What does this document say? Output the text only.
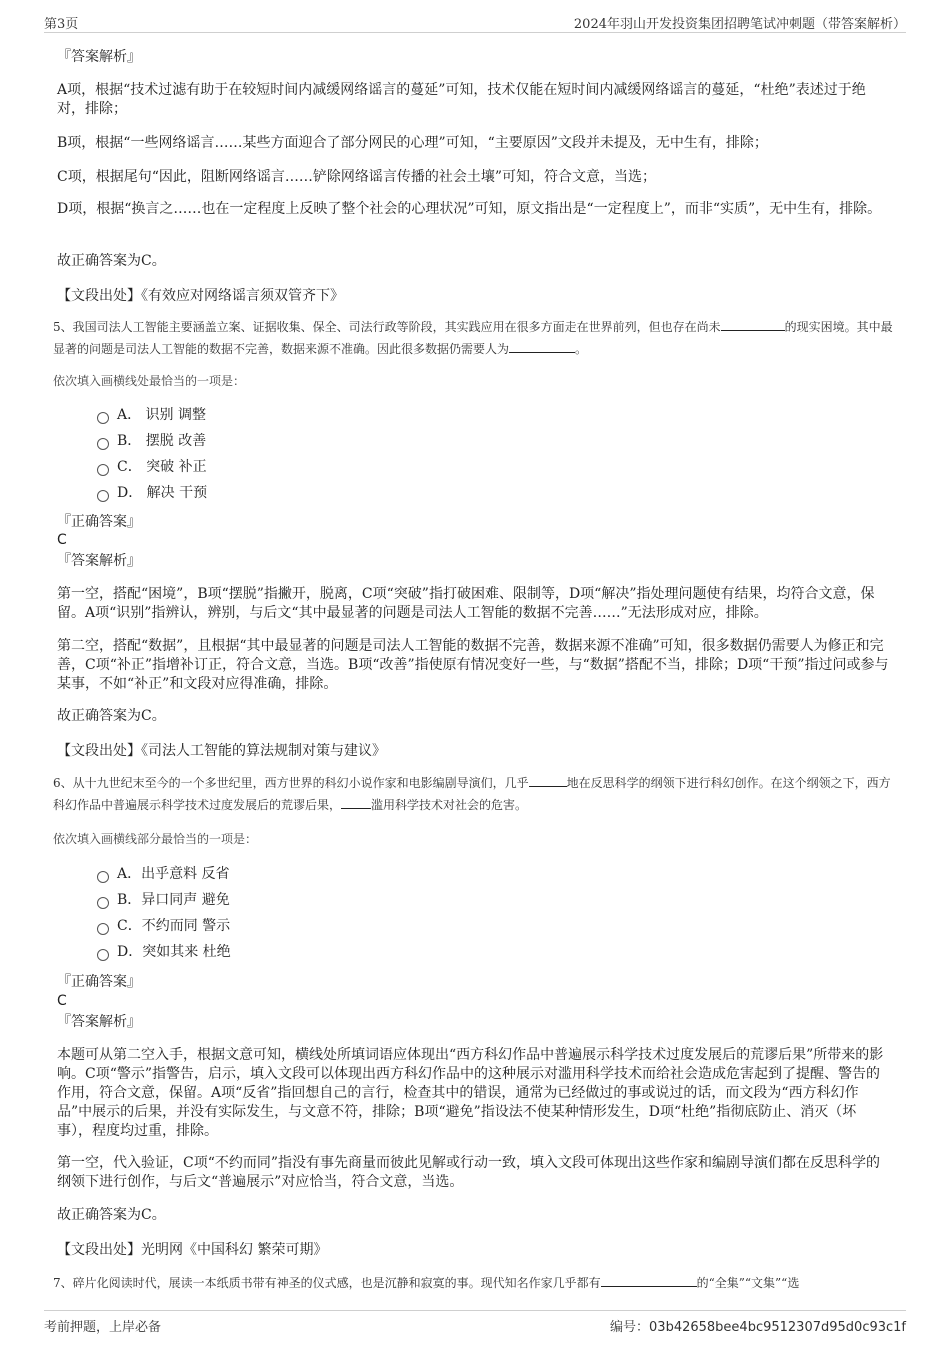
第3页	2024年羽山开发投资集团招聘笔试冲刺题（带答案解析）

『答案解析』

A项，根据“技术过滤有助于在较短时间内减缓网络谣言的蔓延”可知，技术仅能在短时间内减缓网络谣言的蔓延，“杜绝”表述过于绝对，排除；

B项，根据“一些网络谣言……某些方面迎合了部分网民的心理”可知，“主要原因”文段并未提及，无中生有，排除；

C项，根据尾句“因此，阻断网络谣言……铲除网络谣言传播的社会土壤”可知，符合文意，当选；

D项，根据“换言之……也在一定程度上反映了整个社会的心理状况”可知，原文指出是“一定程度上”，而非“实质”，无中生有，排除。

故正确答案为C。

【文段出处】《有效应对网络谣言须双管齐下》

5、我国司法人工智能主要涵盖立案、证据收集、保全、司法行政等阶段，其实践应用在很多方面走在世界前列，但也存在尚未	的现实困境。其中最显著的问题是司法人工智能的数据不完善，数据来源不准确。因此很多数据仍需要人为	。

依次填入画横线处最恰当的一项是：

A． 识别 调整
B． 摆脱 改善
C． 突破 补正
D． 解决 干预

『正确答案』

C

『答案解析』

第一空，搭配“困境”，B项“摆脱”指撇开，脱离，C项“突破”指打破困难、限制等，D项“解决”指处理问题使有结果，均符合文意，保留。A项“识别”指辨认，辨别，与后文“其中最显著的问题是司法人工智能的数据不完善……”无法形成对应，排除。

第二空，搭配“数据”，且根据“其中最显著的问题是司法人工智能的数据不完善，数据来源不准确”可知，很多数据仍需要人为修正和完善，C项“补正”指增补订正，符合文意，当选。B项“改善”指使原有情况变好一些，与“数据”搭配不当，排除；D项“干预”指过问或参与某事，不如“补正”和文段对应得准确，排除。

故正确答案为C。

【文段出处】《司法人工智能的算法规制对策与建议》

6、从十九世纪末至今的一个多世纪里，西方世界的科幻小说作家和电影编剧导演们，几乎	地在反思科学的纲领下进行科幻创作。在这个纲领之下，西方科幻作品中普遍展示科学技术过度发展后的荒谬后果，	滥用科学技术对社会的危害。

依次填入画横线部分最恰当的一项是：

A．出乎意料 反省
B．异口同声 避免
C．不约而同 警示
D．突如其来 杜绝

『正确答案』

C

『答案解析』

本题可从第二空入手，根据文意可知，横线处所填词语应体现出“西方科幻作品中普遍展示科学技术过度发展后的荒谬后果”所带来的影响。C项“警示”指警告，启示，填入文段可以体现出西方科幻作品中的这种展示对滥用科学技术而给社会造成危害起到了提醒、警告的作用，符合文意，保留。A项“反省”指回想自己的言行，检查其中的错误，通常为已经做过的事或说过的话，而文段为“西方科幻作品”中展示的后果，并没有实际发生，与文意不符，排除；B项“避免”指设法不使某种情形发生，D项“杜绝”指彻底防止、消灭（坏事），程度均过重，排除。

第一空，代入验证，C项“不约而同”指没有事先商量而彼此见解或行动一致，填入文段可体现出这些作家和编剧导演们都在反思科学的纲领下进行创作，与后文“普遍展示”对应恰当，符合文意，当选。

故正确答案为C。

【文段出处】光明网《中国科幻 繁荣可期》

7、碎片化阅读时代，展读一本纸质书带有神圣的仪式感，也是沉静和寂寞的事。现代知名作家几乎都有	的“全集”“文集”“选

考前押题，上岸必备	编号：03b42658bee4bc9512307d95d0c93c1f
